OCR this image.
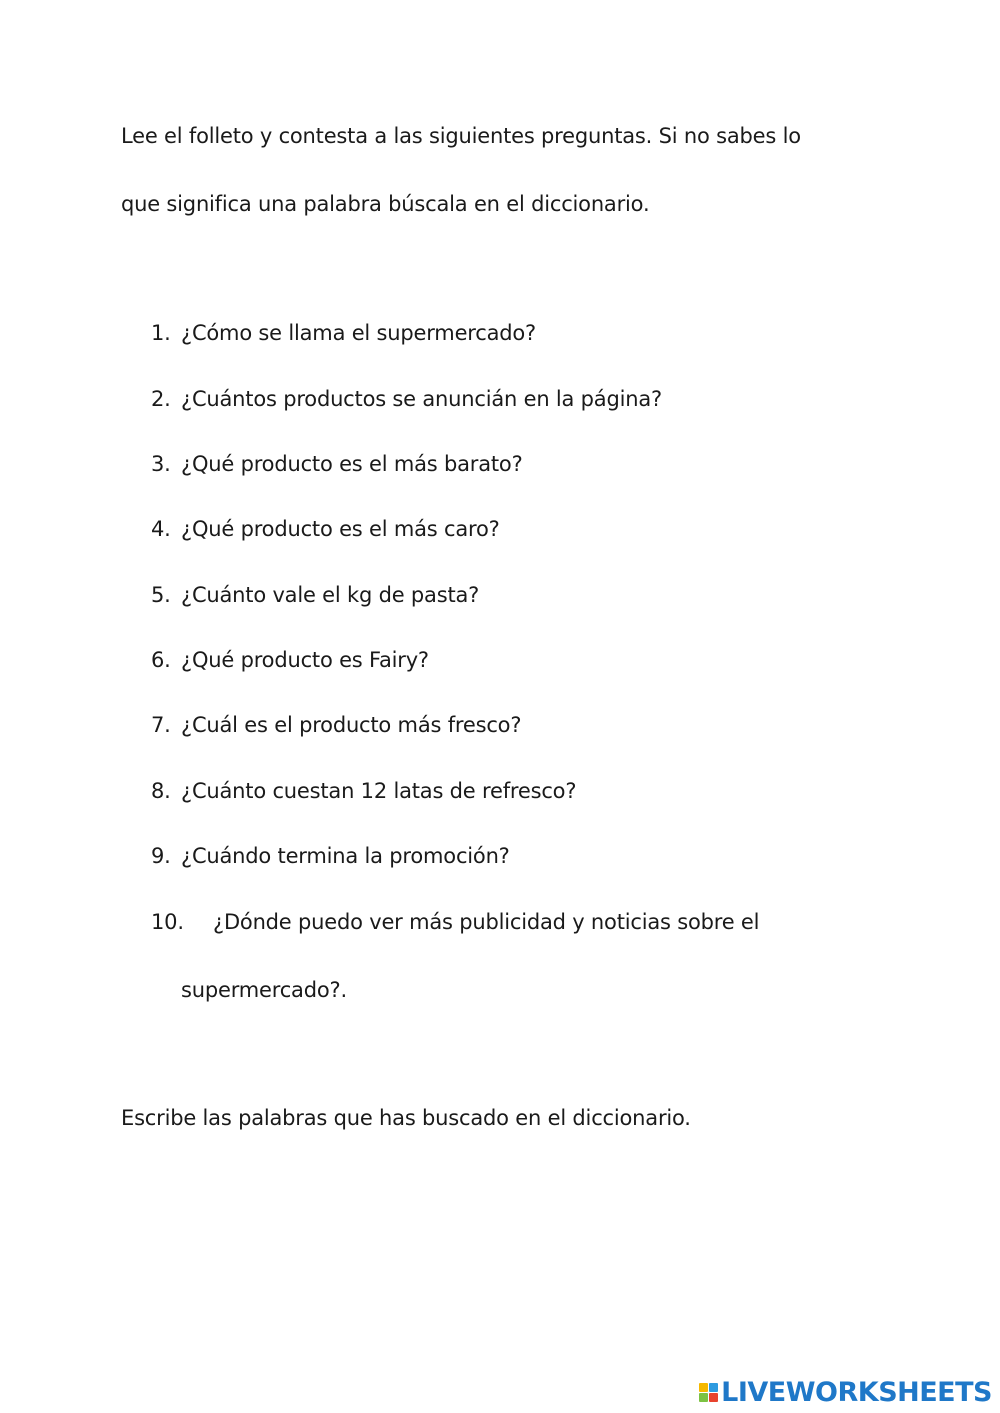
Lee el folleto y contesta a las siguientes preguntas. Si no sabes lo
que significa una palabra búscala en el diccionario.
1. ¿Cómo se llama el supermercado?
2. ¿Cuántos productos se anuncián en la página?
3. ¿Qué producto es el más barato?
4. ¿Qué producto es el más caro?
5. ¿Cuánto vale el kg de pasta?
6. ¿Qué producto es Fairy?
7. ¿Cuál es el producto más fresco?
8. ¿Cuánto cuestan 12 latas de refresco?
9. ¿Cuándo termina la promoción?
10. ¿Dónde puedo ver más publicidad y noticias sobre el
supermercado?.
Escribe las palabras que has buscado en el diccionario.
LIVEWORKSHEETS
